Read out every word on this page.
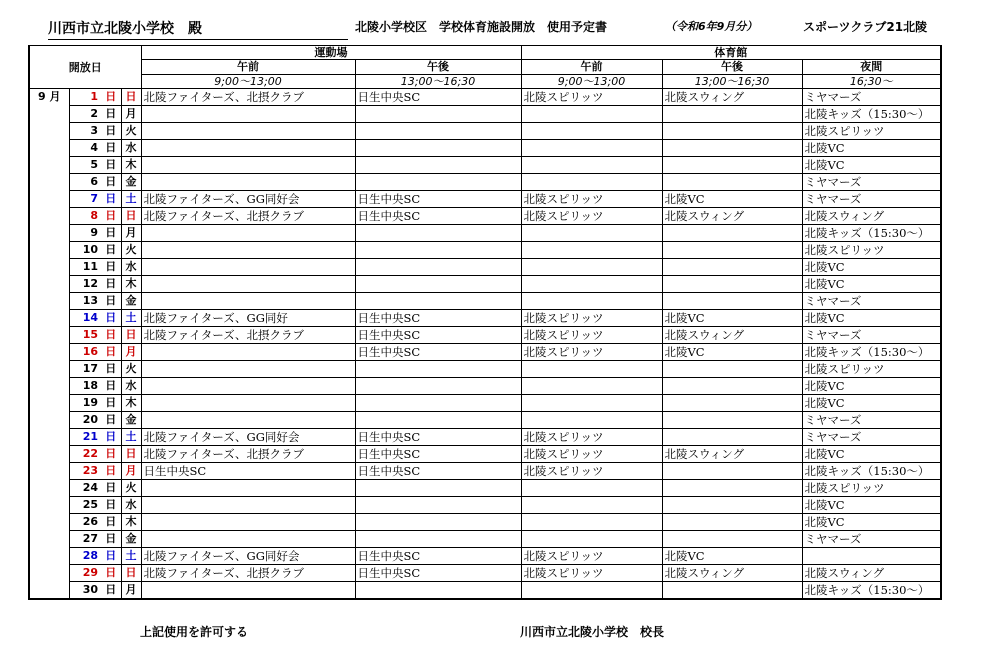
川西市立北陵小学校　殿	北陵小学校区　学校体育施設開放　使用予定書	（令和6年9月分）	スポーツクラブ21北陵
開放日				運動場		体育館		
				午前	午後	午前	午後	夜間
				9;00～13;00	13;00～16;30	9;00～13;00	13;00～16;30	16;30～
9 月	1	日	日	北陵ファイターズ、北摂クラブ	日生中央SC	北陵スピリッツ	北陵スウィング	ミヤマーズ
	2	日	月					北陵キッズ（15:30～）
	3	日	火					北陵スピリッツ
	4	日	水					北陵VC
	5	日	木					北陵VC
	6	日	金					ミヤマーズ
	7	日	土	北陵ファイターズ、GG同好会	日生中央SC	北陵スピリッツ	北陵VC	ミヤマーズ
	8	日	日	北陵ファイターズ、北摂クラブ	日生中央SC	北陵スピリッツ	北陵スウィング	北陵スウィング
	9	日	月					北陵キッズ（15:30～）
	10	日	火					北陵スピリッツ
	11	日	水					北陵VC
	12	日	木					北陵VC
	13	日	金					ミヤマーズ
	14	日	土	北陵ファイターズ、GG同好	日生中央SC	北陵スピリッツ	北陵VC	北陵VC
	15	日	日	北陵ファイターズ、北摂クラブ	日生中央SC	北陵スピリッツ	北陵スウィング	ミヤマーズ
	16	日	月		日生中央SC	北陵スピリッツ	北陵VC	北陵キッズ（15:30～）
	17	日	火					北陵スピリッツ
	18	日	水					北陵VC
	19	日	木					北陵VC
	20	日	金					ミヤマーズ
	21	日	土	北陵ファイターズ、GG同好会	日生中央SC	北陵スピリッツ		ミヤマーズ
	22	日	日	北陵ファイターズ、北摂クラブ	日生中央SC	北陵スピリッツ	北陵スウィング	北陵VC
	23	日	月	日生中央SC	日生中央SC	北陵スピリッツ		北陵キッズ（15:30～）
	24	日	火					北陵スピリッツ
	25	日	水					北陵VC
	26	日	木					北陵VC
	27	日	金					ミヤマーズ
	28	日	土	北陵ファイターズ、GG同好会	日生中央SC	北陵スピリッツ	北陵VC	
	29	日	日	北陵ファイターズ、北摂クラブ	日生中央SC	北陵スピリッツ	北陵スウィング	北陵スウィング
	30	日	月					北陵キッズ（15:30～）
上記使用を許可する	川西市立北陵小学校　校長
